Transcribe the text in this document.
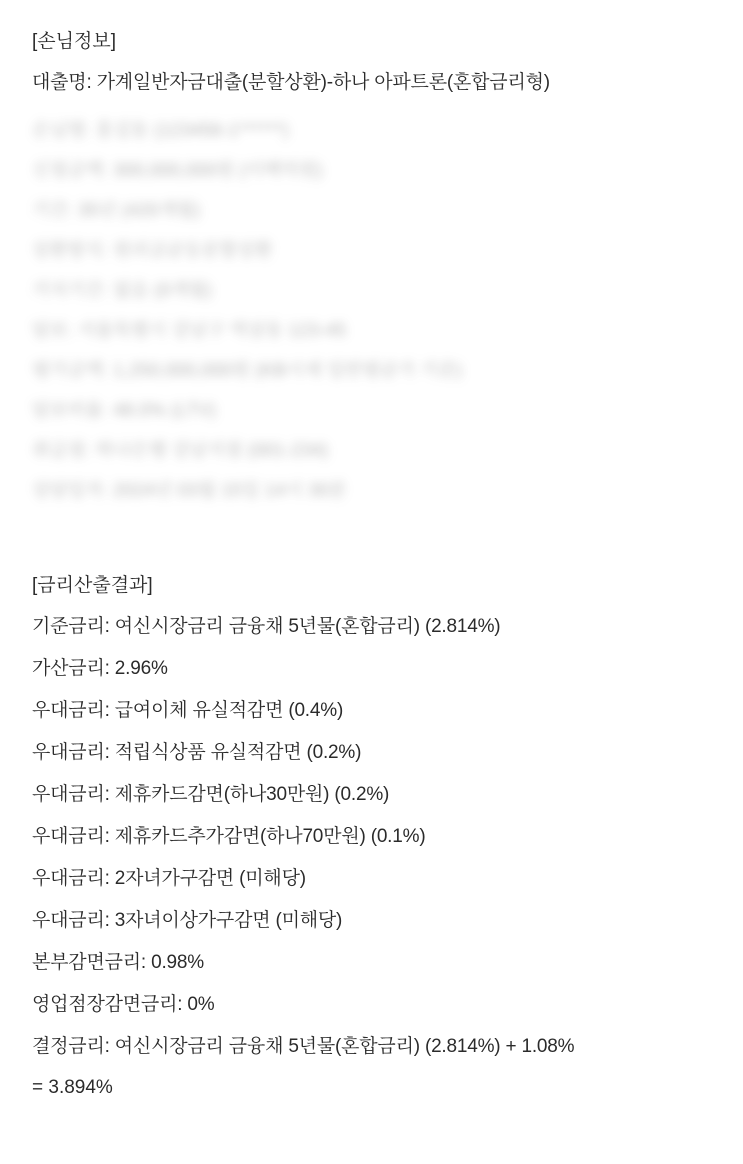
[손님정보]
대출명: 가계일반자금대출(분할상환)-하나 아파트론(혼합금리형)
손님명: 홍길동 (123456-1******)
신청금액: 300,000,000원 (이백억원)
기간: 35년 (420개월)
상환방식: 원리금균등분할상환
거치기간: 없음 (0개월)
담보: 서울특별시 강남구 역삼동 123-45
평가금액: 1,250,000,000원 (KB시세 일반평균가 기준)
담보비율: 48.0% (LTV)
취급점: 하나은행 강남지점 (001-234)
상담일자: 2024년 03월 15일 14시 30분
[금리산출결과]
기준금리: 여신시장금리 금융채 5년물(혼합금리) (2.814%)
가산금리: 2.96%
우대금리: 급여이체 유실적감면 (0.4%)
우대금리: 적립식상품 유실적감면 (0.2%)
우대금리: 제휴카드감면(하나30만원) (0.2%)
우대금리: 제휴카드추가감면(하나70만원) (0.1%)
우대금리: 2자녀가구감면 (미해당)
우대금리: 3자녀이상가구감면 (미해당)
본부감면금리: 0.98%
영업점장감면금리: 0%
결정금리: 여신시장금리 금융채 5년물(혼합금리) (2.814%) + 1.08%
= 3.894%
